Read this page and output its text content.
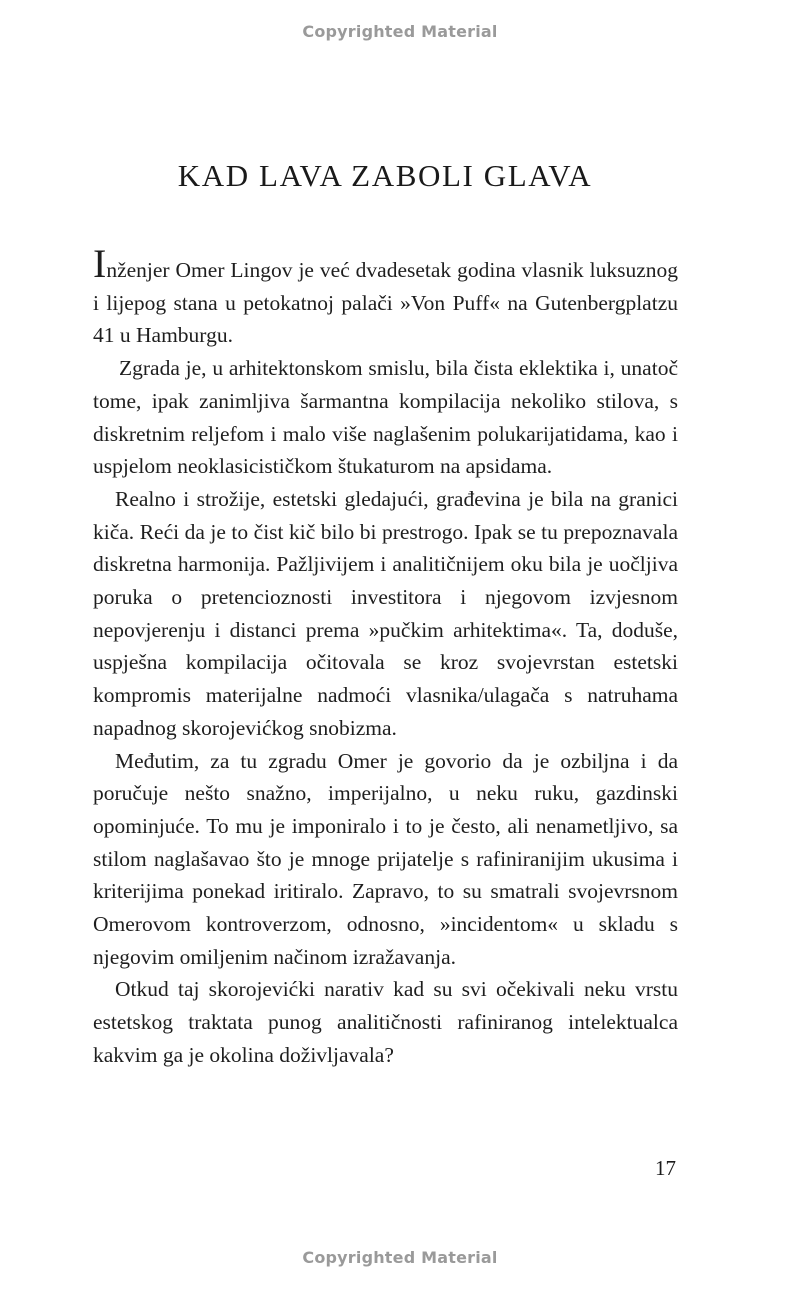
Copyrighted Material
KAD LAVA ZABOLI GLAVA

Inženjer Omer Lingov je već dvadesetak godina vlasnik luksuznog i lijepog stana u petokatnoj palači »Von Puff« na Gutenbergplatzu 41 u Hamburgu.

Zgrada je, u arhitektonskom smislu, bila čista eklektika i, unatoč tome, ipak zanimljiva šarmantna kompilacija nekoliko stilova, s diskretnim reljefom i malo više naglašenim polukarijatidama, kao i uspjelom neoklasicističkom štukaturom na apsidama.

Realno i strožije, estetski gledajući, građevina je bila na granici kiča. Reći da je to čist kič bilo bi prestrogo. Ipak se tu prepoznavala diskretna harmonija. Pažljivijem i analitičnijem oku bila je uočljiva poruka o pretencioznosti investitora i njegovom izvjesnom nepovjerenju i distanci prema »pučkim arhitektima«. Ta, doduše, uspješna kompilacija očitovala se kroz svojevrstan estetski kompromis materijalne nadmoći vlasnika/ulagača s natruhama napadnog skorojevićkog snobizma.

Međutim, za tu zgradu Omer je govorio da je ozbiljna i da poručuje nešto snažno, imperijalno, u neku ruku, gazdinski opominjuće. To mu je imponiralo i to je često, ali nenametljivo, sa stilom naglašavao što je mnoge prijatelje s rafiniranijim ukusima i kriterijima ponekad iritiralo. Zapravo, to su smatrali svojevrsnom Omerovom kontroverzom, odnosno, »incidentom« u skladu s njegovim omiljenim načinom izražavanja.

Otkud taj skorojevićki narativ kad su svi očekivali neku vrstu estetskog traktata punog analitičnosti rafiniranog intelektualca kakvim ga je okolina doživljavala?

17
Copyrighted Material
